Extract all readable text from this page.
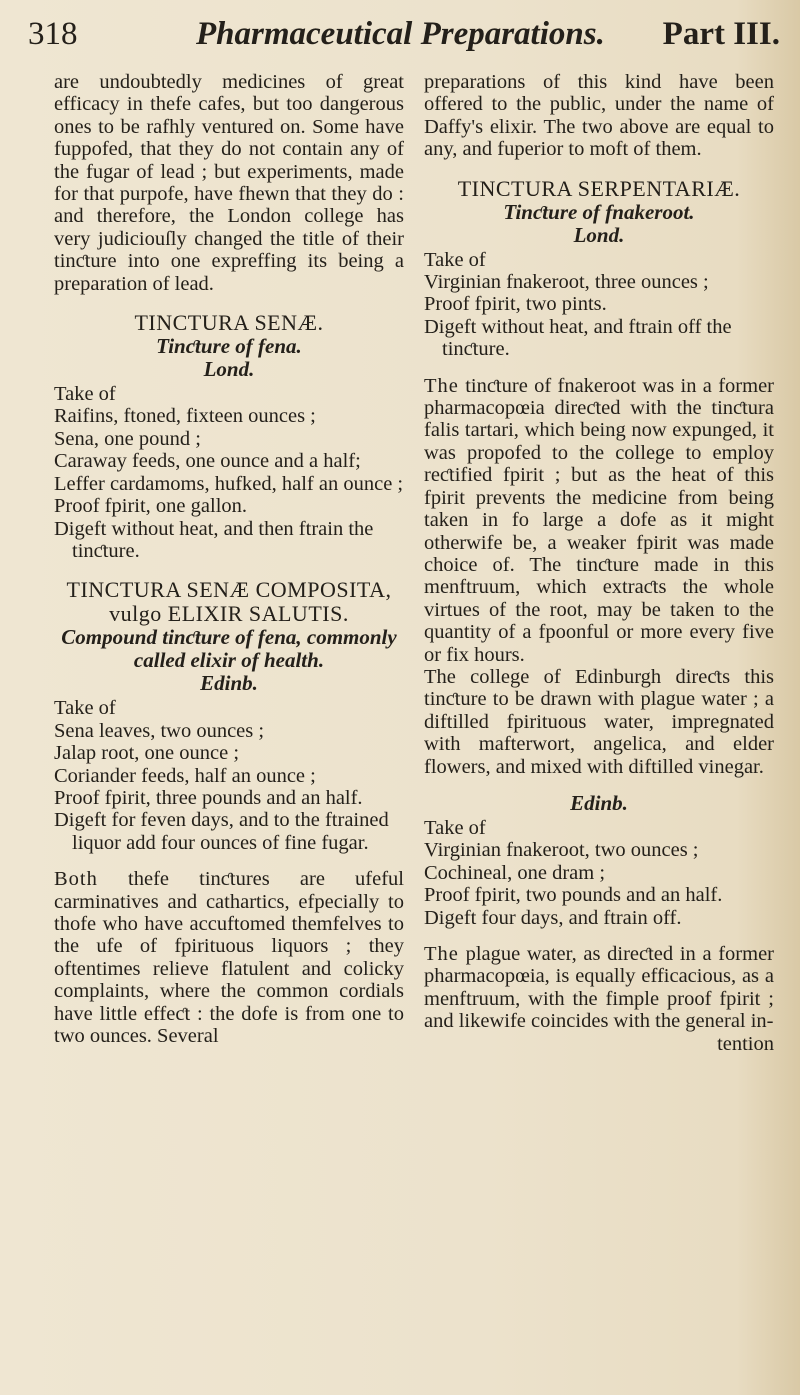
318	Pharmaceutical Preparations. Part III.

are undoubtedly medicines of great efficacy in thefe cafes, but too dangerous ones to be rafhly ventured on. Some have fuppofed, that they do not contain any of the fugar of lead ; but experiments, made for that purpofe, have fhewn that they do : and therefore, the London college has very judiciouſly changed the title of their tinƈture into one expreffing its being a preparation of lead.

TINCTURA SENÆ.

Tinƈture of fena.

Lond.

Take of

Raifins, ftoned, fixteen ounces ;

Sena, one pound ;

Caraway feeds, one ounce and a half;

Leffer cardamoms, hufked, half an ounce ;

Proof fpirit, one gallon.

Digeft without heat, and then ftrain the tinƈture.

TINCTURA SENÆ COMPOSITA, vulgo ELIXIR SALUTIS.

Compound tinƈture of fena, commonly called elixir of health.

Edinb.

Take of

Sena leaves, two ounces ;

Jalap root, one ounce ;

Coriander feeds, half an ounce ;

Proof fpirit, three pounds and an half.

Digeft for feven days, and to the ftrained liquor add four ounces of fine fugar.

Both thefe tinƈtures are ufeful carminatives and cathartics, efpecially to thofe who have accuftomed themfelves to the ufe of fpirituous liquors ; they oftentimes relieve flatulent and colicky complaints, where the common cordials have little effeƈt : the dofe is from one to two ounces. Several

preparations of this kind have been offered to the public, under the name of Daffy's elixir. The two above are equal to any, and fuperior to moft of them.

TINCTURA SERPENTARIÆ.

Tinƈture of fnakeroot.

Lond.

Take of

Virginian fnakeroot, three ounces ;

Proof fpirit, two pints.

Digeft without heat, and ftrain off the tinƈture.

The tinƈture of fnakeroot was in a former pharmacopœia direƈted with the tinƈtura falis tartari, which being now expunged, it was propofed to the college to employ reƈtified fpirit ; but as the heat of this fpirit prevents the medicine from being taken in fo large a dofe as it might otherwife be, a weaker fpirit was made choice of. The tinƈture made in this menftruum, which extraƈts the whole virtues of the root, may be taken to the quantity of a fpoonful or more every five or fix hours.

The college of Edinburgh direƈts this tinƈture to be drawn with plague water ; a diftilled fpirituous water, impregnated with mafterwort, angelica, and elder flowers, and mixed with diftilled vinegar.

Edinb.

Take of

Virginian fnakeroot, two ounces ;

Cochineal, one dram ;

Proof fpirit, two pounds and an half.

Digeft four days, and ftrain off.

The plague water, as direƈted in a former pharmacopœia, is equally efficacious, as a menftruum, with the fimple proof fpirit ; and likewife coincides with the general in-

tention
